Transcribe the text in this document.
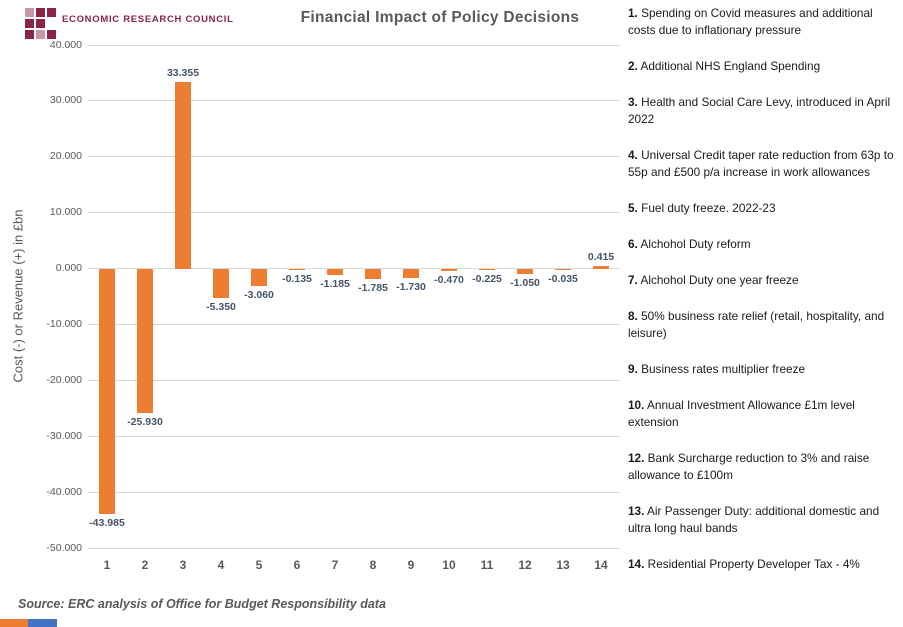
ECONOMIC RESEARCH COUNCIL	Financial Impact of Policy Decisions
Cost (-) or Revenue (+) in £bn
40.000
30.000
20.000
10.000
0.000
-10.000
-20.000
-30.000
-40.000
-50.000
-43.985
1
-25.930
2
33.355
3
-5.350
4
-3.060
5
-0.135
6
-1.185
7
-1.785
8
-1.730
9
-0.470
10
-0.225
11
-1.050
12
-0.035
13
0.415
14
1. Spending on Covid measures and additional costs due to inflationary pressure
2. Additional NHS England Spending
3. Health and Social Care Levy, introduced in April 2022
4. Universal Credit taper rate reduction from 63p to 55p and £500 p/a increase in work allowances
5. Fuel duty freeze. 2022-23
6. Alchohol Duty reform
7. Alchohol Duty one year freeze
8. 50% business rate relief (retail, hospitality, and leisure)
9. Business rates multiplier freeze
10. Annual Investment Allowance £1m level extension
12. Bank Surcharge reduction to 3% and raise allowance to £100m
13. Air Passenger Duty: additional domestic and ultra long haul bands
14. Residential Property Developer Tax - 4%
Source: ERC analysis of Office for Budget Responsibility data
